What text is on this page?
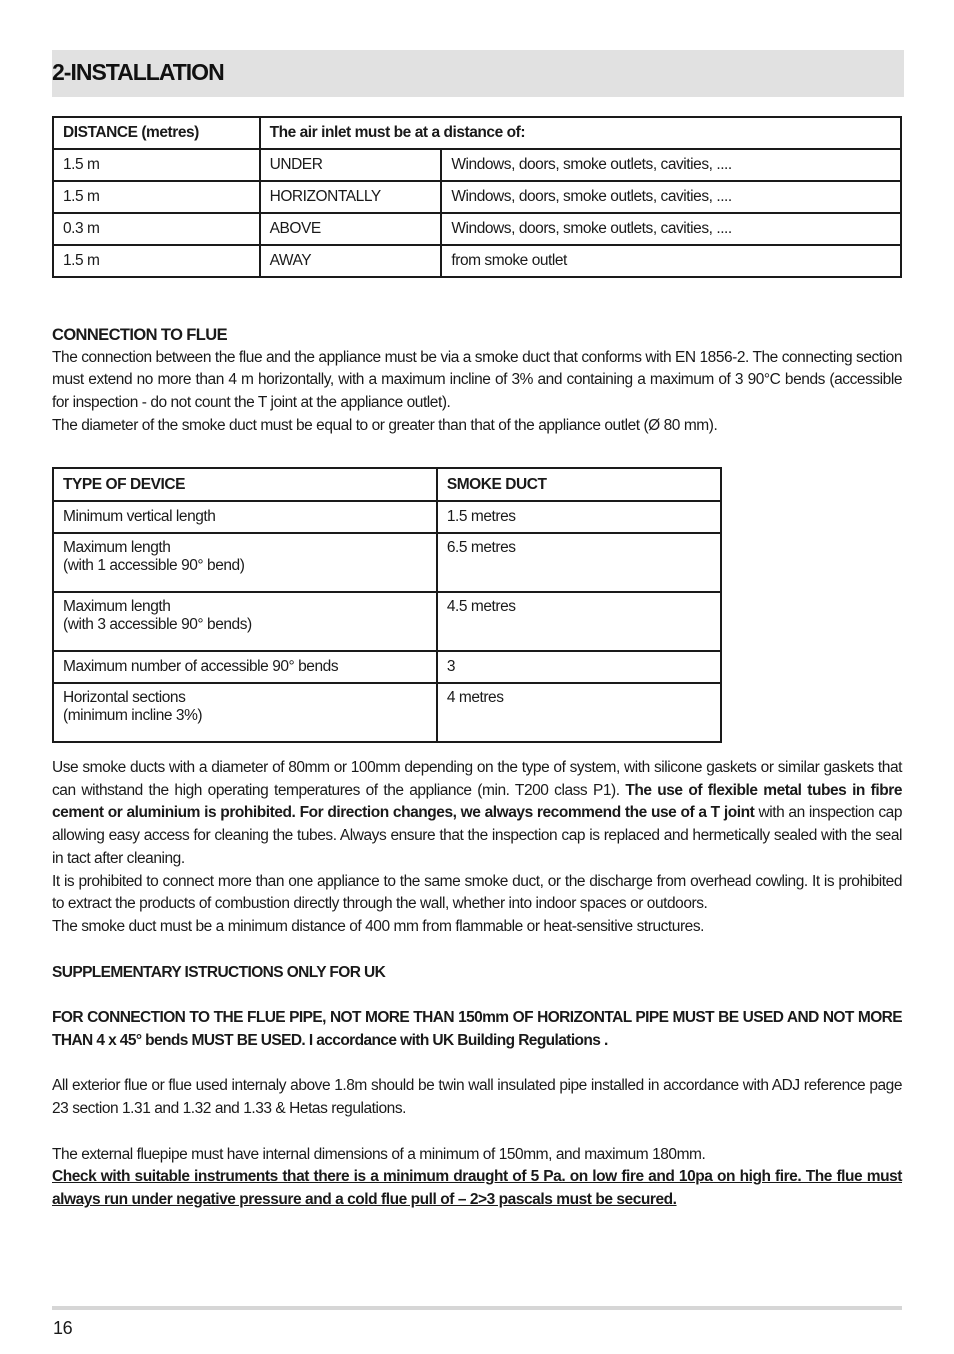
2-INSTALLATION
DISTANCE (metres)	The air inlet must be at a distance of:	
1.5 m	UNDER	Windows, doors, smoke outlets, cavities, ....
1.5 m	HORIZONTALLY	Windows, doors, smoke outlets, cavities, ....
0.3 m	ABOVE	Windows, doors, smoke outlets, cavities, ....
1.5 m	AWAY	from smoke outlet

CONNECTION TO FLUE

The connection between the flue and the appliance must be via a smoke duct that conforms with EN 1856-2. The connecting section must extend no more than 4 m horizontally, with a maximum incline of 3% and containing a maximum of 3 90°C bends (accessible for inspection - do not count the T joint at the appliance outlet).

The diameter of the smoke duct must be equal to or greater than that of the appliance outlet (Ø 80 mm).

TYPE OF DEVICE	SMOKE DUCT
Minimum vertical length	1.5 metres
Maximum length
(with 1 accessible 90° bend)	6.5 metres
Maximum length
(with 3 accessible 90° bends)	4.5 metres
Maximum number of accessible 90° bends	3
Horizontal sections
(minimum incline 3%)	4 metres

Use smoke ducts with a diameter of 80mm or 100mm depending on the type of system, with silicone gaskets or similar gaskets that can withstand the high operating temperatures of the appliance (min. T200 class P1). The use of flexible metal tubes in fibre cement or aluminium is prohibited. For direction changes, we always recommend the use of a T joint with an inspection cap allowing easy access for cleaning the tubes. Always ensure that the inspection cap is replaced and hermetically sealed with the seal in tact after cleaning.

It is prohibited to connect more than one appliance to the same smoke duct, or the discharge from overhead cowling. It is prohibited to extract the products of combustion directly through the wall, whether into indoor spaces or outdoors.

The smoke duct must be a minimum distance of 400 mm from flammable or heat-sensitive structures.

SUPPLEMENTARY ISTRUCTIONS ONLY FOR UK

FOR CONNECTION TO THE FLUE PIPE, NOT MORE THAN 150mm OF HORIZONTAL PIPE MUST BE USED AND NOT MORE THAN 4 x 45° bends MUST BE USED. I accordance with UK Building Regulations .

All exterior flue or flue used internaly above 1.8m should be twin wall insulated pipe installed in accordance with ADJ reference page 23 section 1.31 and 1.32 and 1.33 & Hetas regulations.

The external fluepipe must have internal dimensions of a minimum of 150mm, and maximum 180mm.

Check with suitable instruments that there is a minimum draught of 5 Pa. on low fire and 10pa on high fire. The flue must always run under negative pressure and a cold flue pull of – 2>3 pascals must be secured.

16
